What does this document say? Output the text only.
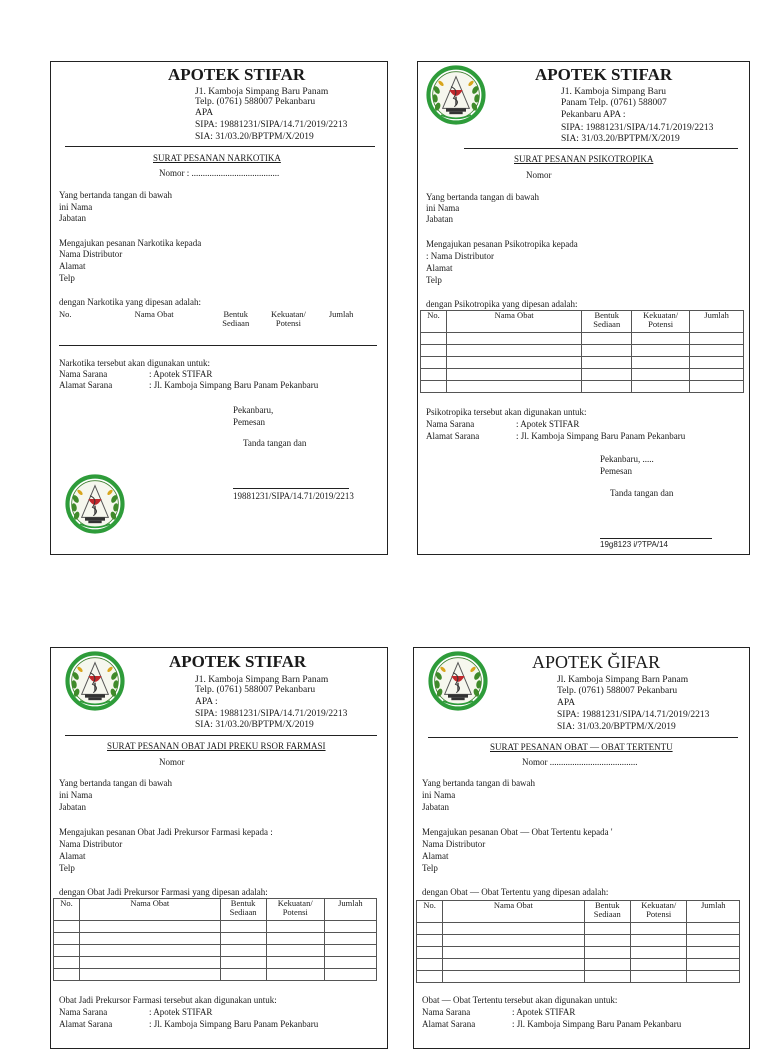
APOTEK STIFAR
J1. Kamboja Simpang Baru Panam
Telp. (0761) 588007 Pekanbaru
APA
SIPA: 19881231/SIPA/14.71/2019/2213
SIA: 31/03.20/BPTPM/X/2019
SURAT PESANAN NARKOTIKA
Nomor : .......................................
Yang bertanda tangan di bawah
ini Nama
Jabatan
Mengajukan pesanan Narkotika kepada
Nama Distributor
Alamat
Telp
dengan Narkotika yang dipesan adalah:
No.	Nama Obat	Bentuk Sediaan	Kekuatan/ Potensi	Jumlah
Narkotika tersebut akan digunakan untuk:
Nama Sarana	: Apotek STIFAR
Alamat Sarana	: Jl. Kamboja Simpang Baru Panam Pekanbaru
Pekanbaru,
Pemesan
Tanda tangan dan
19881231/SIPA/14.71/2019/2213
APOTEK STIFAR
J1. Kamboja Simpang Baru
Panam Telp. (0761) 588007
Pekanbaru APA :
SIPA: 19881231/SIPA/14.71/2019/2213
SIA: 31/03.20/BPTPM/X/2019
SURAT PESANAN PSIKOTROPIKA
Nomor
Yang bertanda tangan di bawah
ini Nama
Jabatan
Mengajukan pesanan Psikotropika kepada
: Nama Distributor
Alamat
Telp
dengan Psikotropika yang dipesan adalah:
No.	Nama Obat	Bentuk Sediaan	Kekuatan/ Potensi	Jumlah

Psikotropika tersebut akan digunakan untuk:
Nama Sarana	: Apotek STIFAR
Alamat Sarana	: Jl. Kamboja Simpang Baru Panam Pekanbaru
Pekanbaru, .....
Pemesan
Tanda tangan dan
19g8123 i/?TPA/14
APOTEK STIFAR
J1. Kamboja Simpang Barn Panam
Telp. (0761) 588007 Pekanbaru
APA :
SIPA: 19881231/SIPA/14.71/2019/2213
SIA: 31/03.20/BPTPM/X/2019
SURAT PESANAN OBAT JADI PREKU RSOR FARMASI
Nomor
Yang bertanda tangan di bawah
ini Nama
Jabatan
Mengajukan pesanan Obat Jadi Prekursor Farmasi kepada :
Nama Distributor
Alamat
Telp
dengan Obat Jadi Prekursor Farmasi yang dipesan adalah:
No.	Nama Obat	Bentuk Sediaan	Kekuatan/ Potensi	Jumlah

Obat Jadi Prekursor Farmasi tersebut akan digunakan untuk:
Nama Sarana	: Apotek STIFAR
Alamat Sarana	: Jl. Kamboja Simpang Baru Panam Pekanbaru
APOTEK ĞIFAR
Jl. Kamboja Simpang Barn Panam
Telp. (0761) 588007 Pekanbaru
APA
SIPA: 19881231/SIPA/14.71/2019/2213
SIA: 31/03.20/BPTPM/X/2019
SURAT PESANAN OBAT — OBAT TERTENTU
Nomor .......................................
Yang bertanda tangan di bawah
ini Nama
Jabatan
Mengajukan pesanan Obat — Obat Tertentu kepada '
Nama Distributor
Alamat
Telp
dengan Obat — Obat Tertentu yang dipesan adalah:
No.	Nama Obat	Bentuk Sediaan	Kekuatan/ Potensi	Jumlah

Obat — Obat Tertentu tersebut akan digunakan untuk:
Nama Sarana	: Apotek STIFAR
Alamat Sarana	: Jl. Kamboja Simpang Baru Panam Pekanbaru
